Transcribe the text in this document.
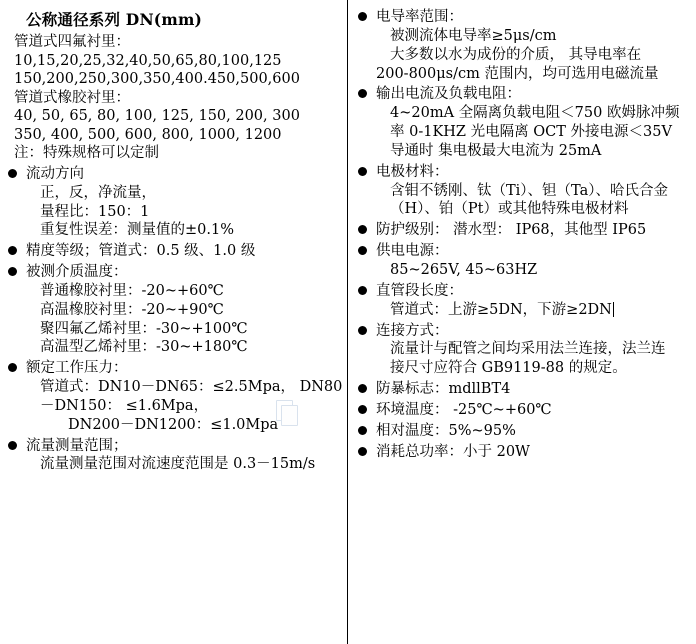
公称通径系列 DN(mm)
管道式四氟衬里：
10,15,20,25,32,40,50,65,80,100,125
150,200,250,300,350,400.450,500,600
管道式橡胶衬里：
40, 50, 65, 80, 100, 125, 150, 200, 300
350, 400, 500, 600, 800, 1000, 1200
注：特殊规格可以定制
流动方向
正，反，净流量，
量程比：150：1
重复性误差：测量值的±0.1%
精度等级；管道式：0.5 级、1.0 级
被测介质温度：
普通橡胶衬里：-20~+60℃
高温橡胶衬里：-20~+90℃
聚四氟乙烯衬里：-30~+100℃
高温型乙烯衬里：-30~+180℃
额定工作压力：
管道式：DN10－DN65：≤2.5Mpa， DN80
－DN150： ≤1.6Mpa，
DN200－DN1200：≤1.0Mpa
流量测量范围；
流量测量范围对流速度范围是 0.3－15m/s
电导率范围：
被测流体电导率≥5μs/cm
大多数以水为成份的介质， 其导电率在
200-800μs/cm 范围内，均可选用电磁流量
输出电流及负载电阻：
4~20mA 全隔离负载电阻＜750 欧姆脉冲频
率 0-1KHZ 光电隔离 OCT 外接电源＜35V
导通时 集电极最大电流为 25mA
电极材料：
含钼不锈刚、钛（Ti）、钽（Ta）、哈氏合金
（H）、铂（Pt）或其他特殊电极材料
防护级别： 潜水型： IP68，其他型 IP65
供电电源：
85~265V, 45~63HZ
直管段长度：
管道式：上游≥5DN，下游≥2DN
连接方式：
流量计与配管之间均采用法兰连接，法兰连
接尺寸应符合 GB9119-88 的规定。
防暴标志：mdllBT4
环境温度： -25℃~+60℃
相对温度：5%~95%
消耗总功率：小于 20W
